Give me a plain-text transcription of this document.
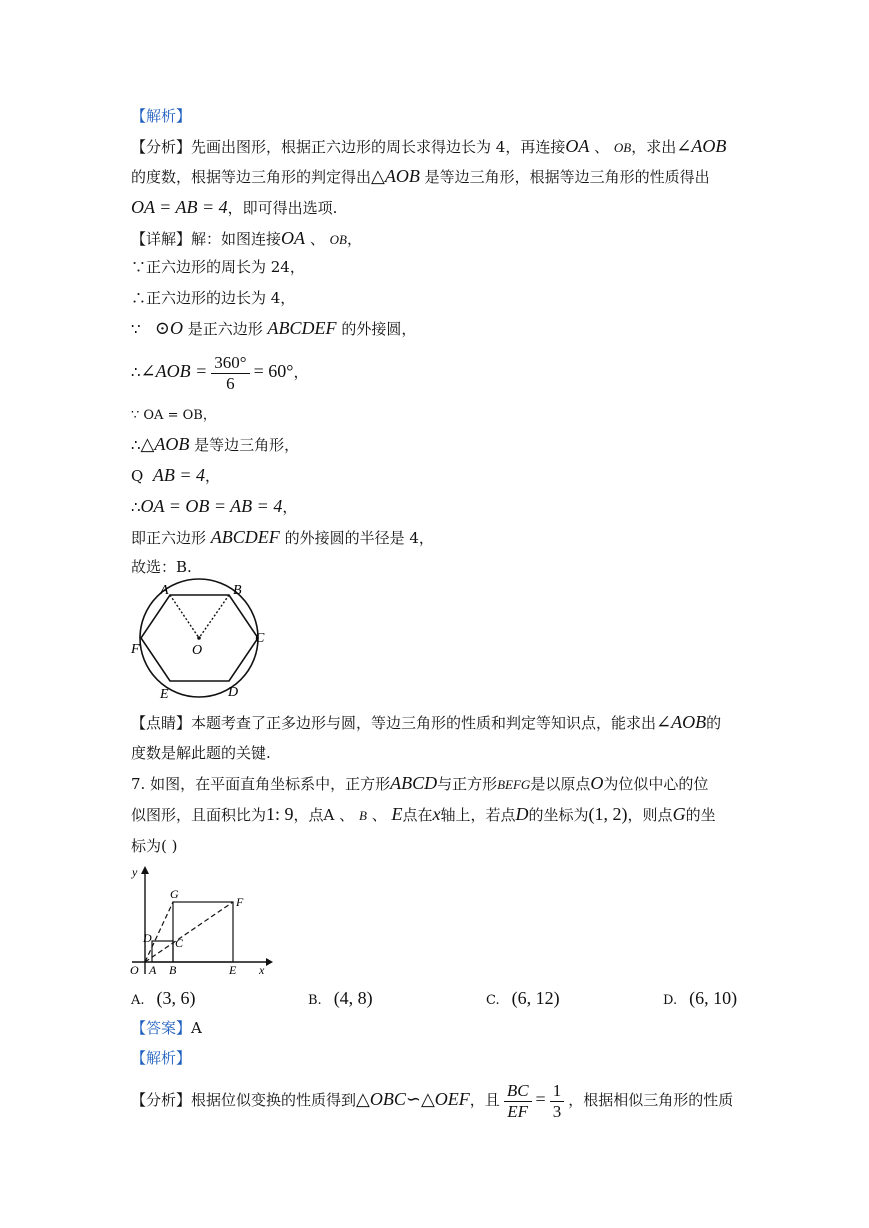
【解析】
【分析】先画出图形，根据正六边形的周长求得边长为 4，再连接OA 、 OB，求出∠AOB
的度数，根据等边三角形的判定得出△AOB 是等边三角形，根据等边三角形的性质得出
OA = AB = 4，即可得出选项.
【详解】解：如图连接OA 、 OB，
∵正六边形的周长为 24，
∴正六边形的边长为 4，
∵ ⊙O 是正六边形 ABCDEF 的外接圆，
∴∠AOB = $\frac{360^\circ}{6} = 60^\circ$，
∵ OA = OB，
∴△AOB 是等边三角形，
Q AB = 4，
∴OA = OB = AB = 4，
即正六边形 ABCDEF 的外接圆的半径是 4，
故选：B.
A	B
C
D
E
F	O
【点睛】本题考查了正多边形与圆，等边三角形的性质和判定等知识点，能求出∠AOB的
度数是解此题的关键.
7. 如图，在平面直角坐标系中，正方形ABCD与正方形BEFG是以原点O为位似中心的位
似图形，且面积比为1: 9，点A 、 B 、 E点在x轴上，若点D的坐标为(1, 2)，则点G的坐
标为( )
y
G
F
D C
O A B	E x
A. (3, 6)	B. (4, 8)	C. (6, 12)	D. (6, 10)
【答案】A
【解析】
【分析】根据位似变换的性质得到△OBC∽△OEF，且 $\frac{BC}{EF} = \frac{1}{3}$ ，根据相似三角形的性质
